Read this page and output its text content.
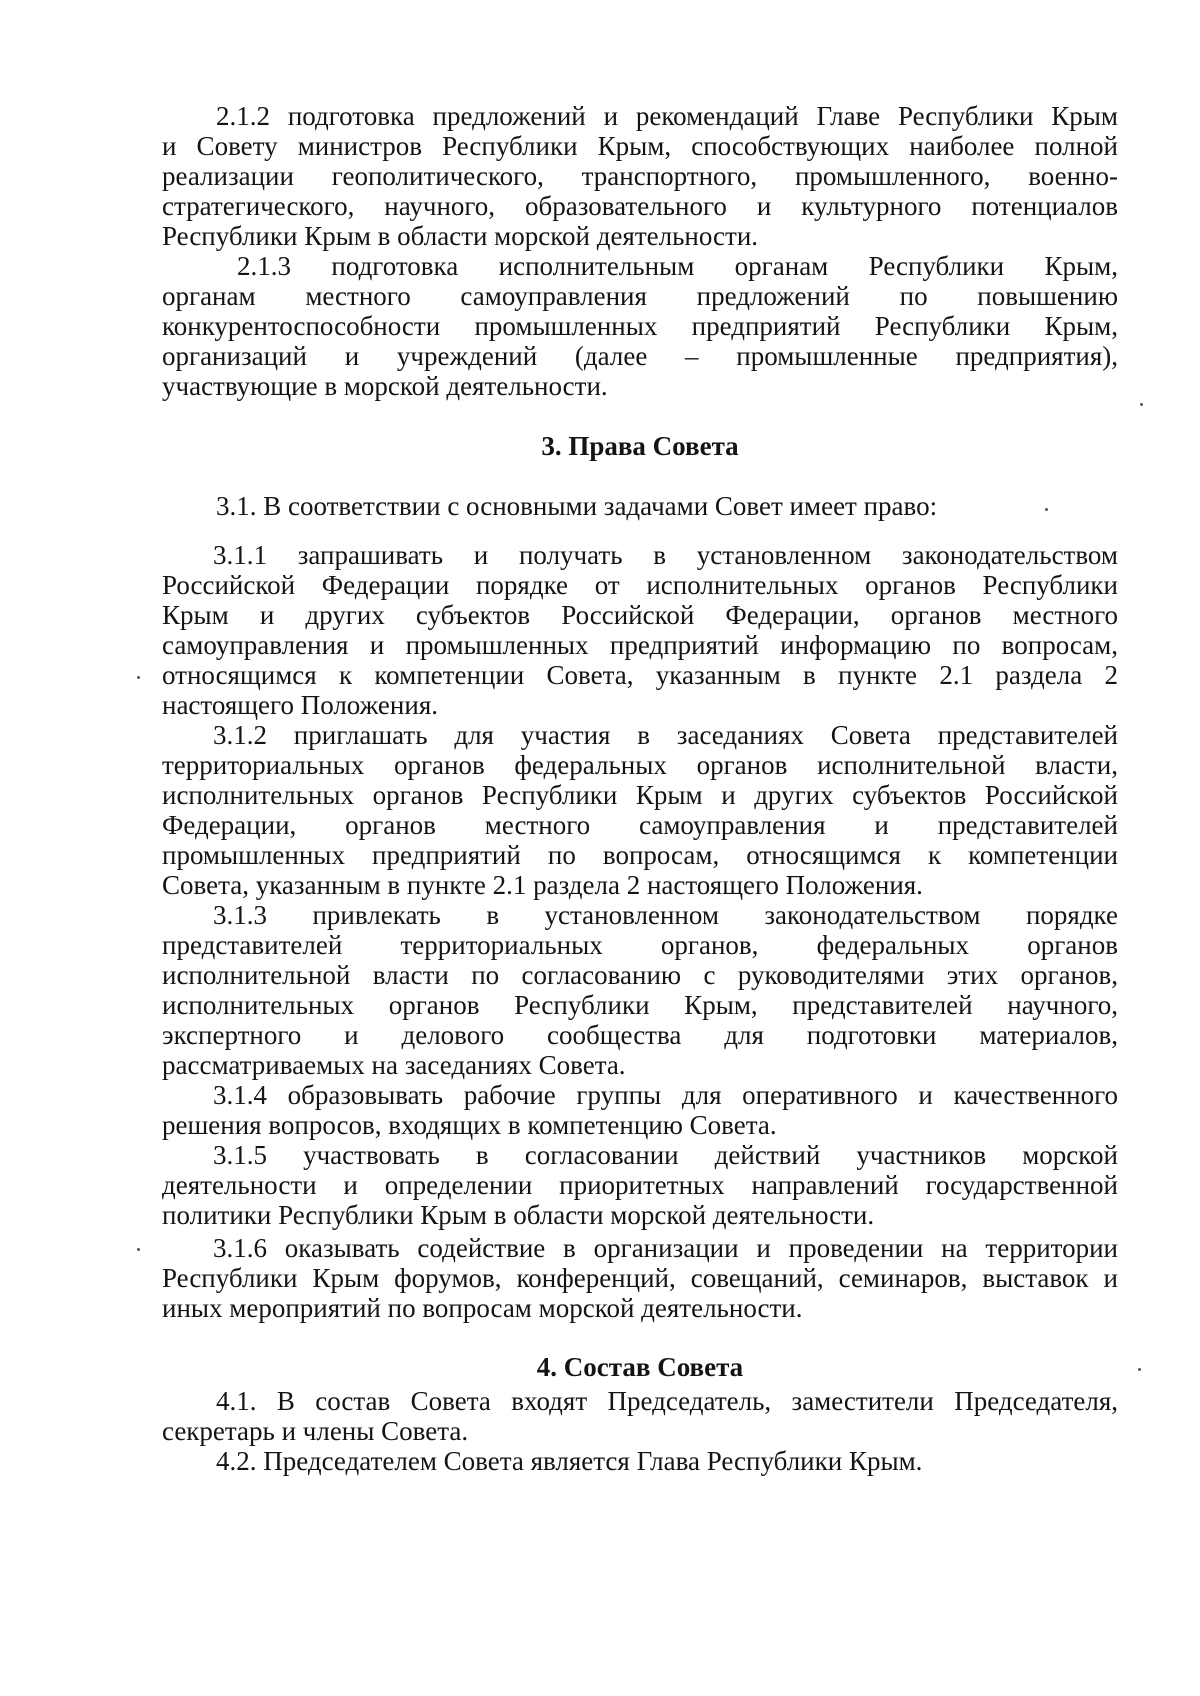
2.1.2 подготовка предложений и рекомендаций Главе Республики Крым
и Совету министров Республики Крым, способствующих наиболее полной
реализации геополитического, транспортного, промышленного, военно-
стратегического, научного, образовательного и культурного потенциалов
Республики Крым в области морской деятельности.
2.1.3 подготовка исполнительным органам Республики Крым,
органам местного самоуправления предложений по повышению
конкурентоспособности промышленных предприятий Республики Крым,
организаций и учреждений (далее – промышленные предприятия),
участвующие в морской деятельности.
3. Права Совета
3.1. В соответствии с основными задачами Совет имеет право:
3.1.1 запрашивать и получать в установленном законодательством
Российской Федерации порядке от исполнительных органов Республики
Крым и других субъектов Российской Федерации, органов местного
самоуправления и промышленных предприятий информацию по вопросам,
относящимся к компетенции Совета, указанным в пункте 2.1 раздела 2
настоящего Положения.
3.1.2 приглашать для участия в заседаниях Совета представителей
территориальных органов федеральных органов исполнительной власти,
исполнительных органов Республики Крым и других субъектов Российской
Федерации, органов местного самоуправления и представителей
промышленных предприятий по вопросам, относящимся к компетенции
Совета, указанным в пункте 2.1 раздела 2 настоящего Положения.
3.1.3 привлекать в установленном законодательством порядке
представителей территориальных органов, федеральных органов
исполнительной власти по согласованию с руководителями этих органов,
исполнительных органов Республики Крым, представителей научного,
экспертного и делового сообщества для подготовки материалов,
рассматриваемых на заседаниях Совета.
3.1.4 образовывать рабочие группы для оперативного и качественного
решения вопросов, входящих в компетенцию Совета.
3.1.5 участвовать в согласовании действий участников морской
деятельности и определении приоритетных направлений государственной
политики Республики Крым в области морской деятельности.
3.1.6 оказывать содействие в организации и проведении на территории
Республики Крым форумов, конференций, совещаний, семинаров, выставок и
иных мероприятий по вопросам морской деятельности.
4. Состав Совета
4.1. В состав Совета входят Председатель, заместители Председателя,
секретарь и члены Совета.
4.2. Председателем Совета является Глава Республики Крым.
